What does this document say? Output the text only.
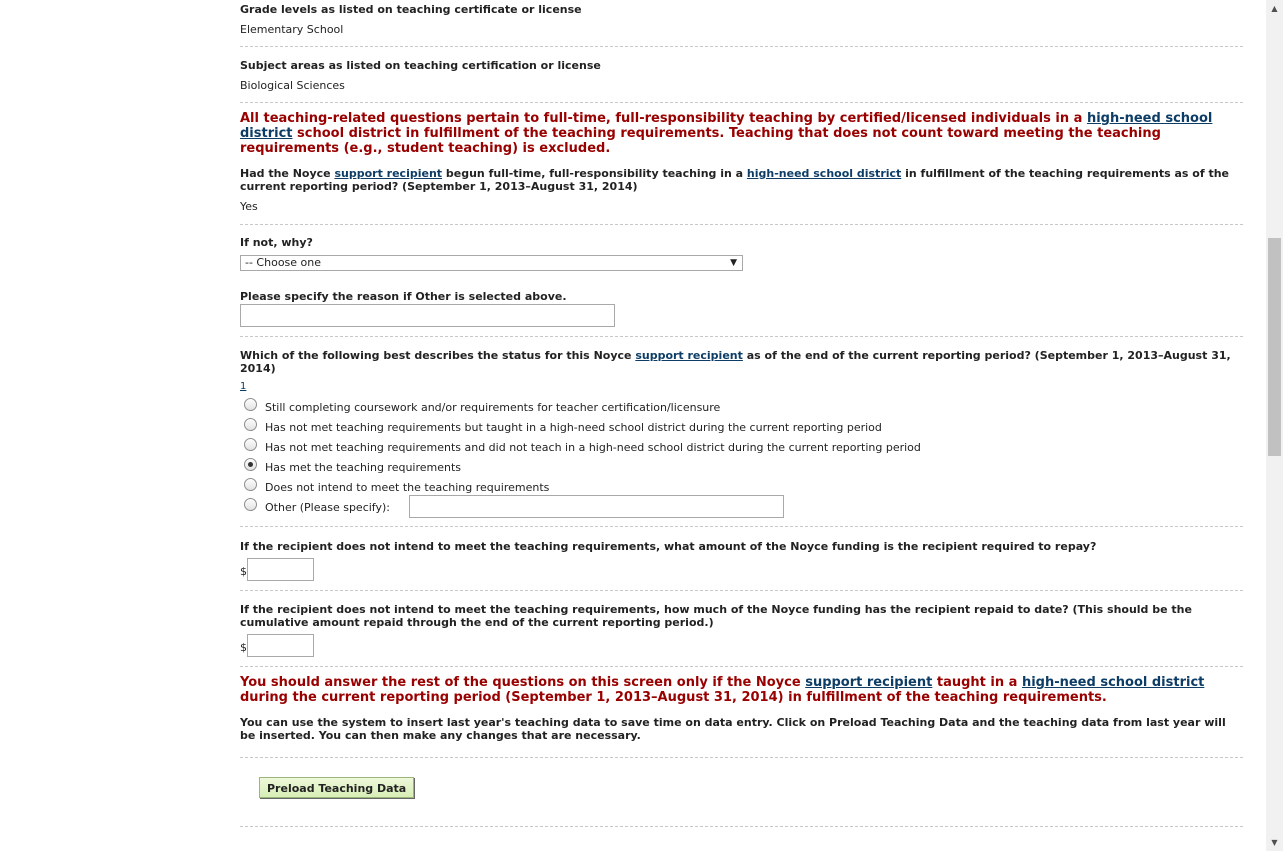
Grade levels as listed on teaching certificate or license
Elementary School
Subject areas as listed on teaching certification or license
Biological Sciences
All teaching-related questions pertain to full-time, full-responsibility teaching by certified/licensed individuals in a high-need school district school district in fulfillment of the teaching requirements. Teaching that does not count toward meeting the teaching requirements (e.g., student teaching) is excluded.
Had the Noyce support recipient begun full-time, full-responsibility teaching in a high-need school district in fulfillment of the teaching requirements as of the current reporting period? (September 1, 2013–August 31, 2014)
Yes
If not, why?
-- Choose one	▼
Please specify the reason if Other is selected above.
Which of the following best describes the status for this Noyce support recipient as of the end of the current reporting period? (September 1, 2013–August 31, 2014)
1
Still completing coursework and/or requirements for teacher certification/licensure
Has not met teaching requirements but taught in a high-need school district during the current reporting period
Has not met teaching requirements and did not teach in a high-need school district during the current reporting period
Has met the teaching requirements
Does not intend to meet the teaching requirements
Other (Please specify):
If the recipient does not intend to meet the teaching requirements, what amount of the Noyce funding is the recipient required to repay?
$
If the recipient does not intend to meet the teaching requirements, how much of the Noyce funding has the recipient repaid to date? (This should be the cumulative amount repaid through the end of the current reporting period.)
$
You should answer the rest of the questions on this screen only if the Noyce support recipient taught in a high-need school district during the current reporting period (September 1, 2013–August 31, 2014) in fulfillment of the teaching requirements.
You can use the system to insert last year's teaching data to save time on data entry. Click on Preload Teaching Data and the teaching data from last year will be inserted. You can then make any changes that are necessary.
Preload Teaching Data
▲
▼
